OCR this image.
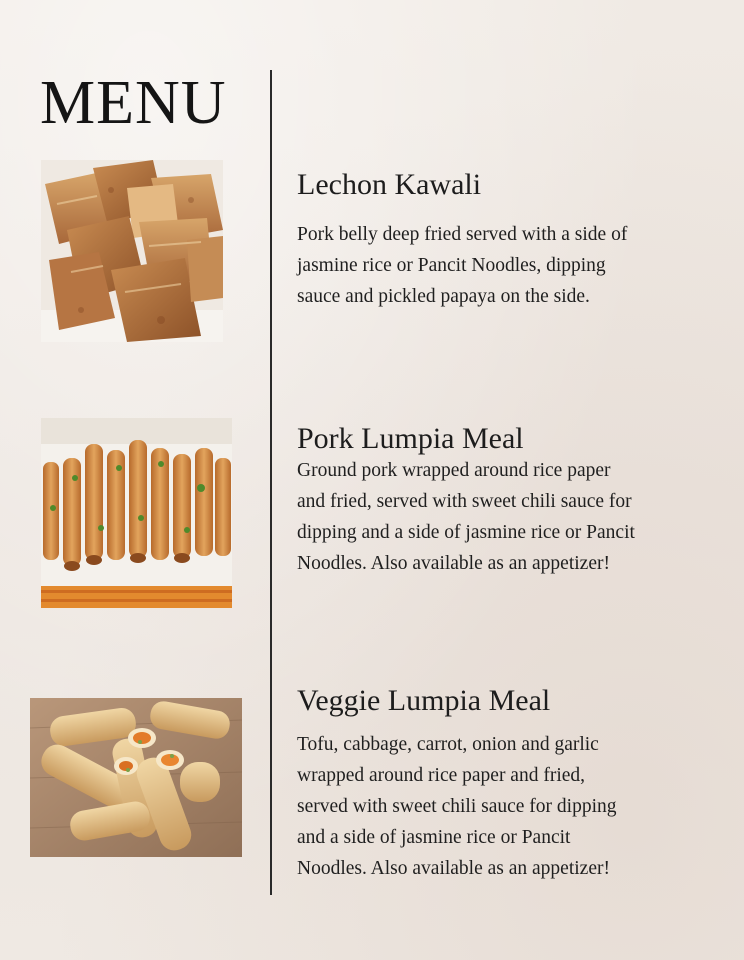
MENU
Lechon Kawali

Pork belly deep fried served with a side of
jasmine rice or Pancit Noodles, dipping
sauce and pickled papaya on the side.

Pork Lumpia Meal

Ground pork wrapped around rice paper
and fried, served with sweet chili sauce for
dipping and a side of jasmine rice or Pancit
Noodles. Also available as an appetizer!

Veggie Lumpia Meal

Tofu, cabbage, carrot, onion and garlic
wrapped around rice paper and fried,
served with sweet chili sauce for dipping
and a side of jasmine rice or Pancit
Noodles. Also available as an appetizer!
